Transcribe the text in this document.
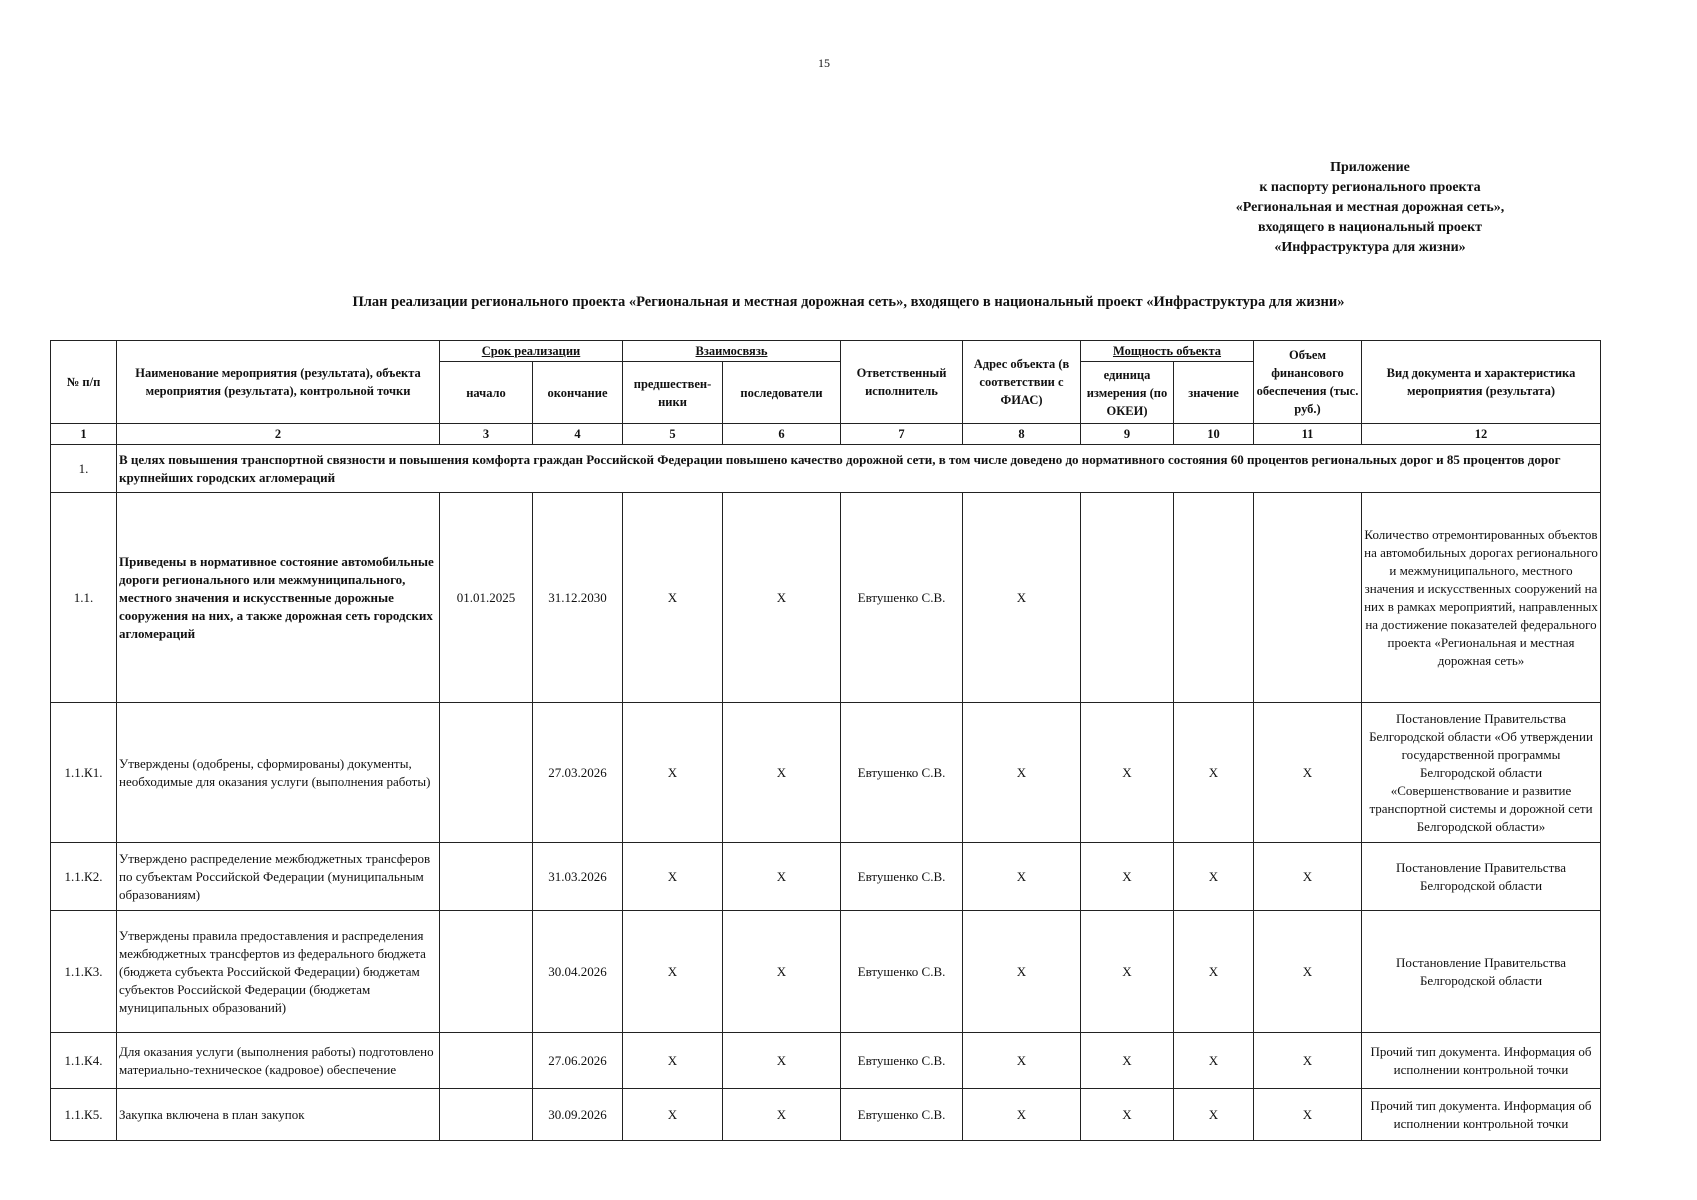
15
Приложение
к паспорту регионального проекта
«Региональная и местная дорожная сеть»,
входящего в национальный проект
«Инфраструктура для жизни»
План реализации регионального проекта «Региональная и местная дорожная сеть», входящего в национальный проект «Инфраструктура для жизни»
№ п/п	Наименование мероприятия (результата), объекта мероприятия (результата), контрольной точки	Срок реализации		Взаимосвязь		Ответственный исполнитель	Адрес объекта (в соответствии с ФИАС)	Мощность объекта		Объем финансового обеспечения (тыс. руб.)	Вид документа и характеристика мероприятия (результата)
		начало	окончание	предшествен-ники	последователи			единица измерения (по ОКЕИ)	значение		
1	2	3	4	5	6	7	8	9	10	11	12
1.	В целях повышения транспортной связности и повышения комфорта граждан Российской Федерации повышено качество дорожной сети, в том числе доведено до нормативного состояния 60 процентов региональных дорог и 85 процентов дорог крупнейших городских агломераций										
1.1.	Приведены в нормативное состояние автомобильные дороги регионального или межмуниципального, местного значения и искусственные дорожные сооружения на них, а также дорожная сеть городских агломераций	01.01.2025	31.12.2030	X	X	Евтушенко С.В.	X				Количество отремонтированных объектов на автомобильных дорогах регионального и межмуниципального, местного значения и искусственных сооружений на них в рамках мероприятий, направленных на достижение показателей федерального проекта «Региональная и местная дорожная сеть»
1.1.К1.	Утверждены (одобрены, сформированы) документы, необходимые для оказания услуги (выполнения работы)		27.03.2026	X	X	Евтушенко С.В.	X	X	X	X	Постановление Правительства Белгородской области «Об утверждении государственной программы Белгородской области «Совершенствование и развитие транспортной системы и дорожной сети Белгородской области»
1.1.К2.	Утверждено распределение межбюджетных трансферов по субъектам Российской Федерации (муниципальным образованиям)		31.03.2026	X	X	Евтушенко С.В.	X	X	X	X	Постановление Правительства Белгородской области
1.1.К3.	Утверждены правила предоставления и распределения межбюджетных трансфертов из федерального бюджета (бюджета субъекта Российской Федерации) бюджетам субъектов Российской Федерации (бюджетам муниципальных образований)		30.04.2026	X	X	Евтушенко С.В.	X	X	X	X	Постановление Правительства Белгородской области
1.1.К4.	Для оказания услуги (выполнения работы) подготовлено материально-техническое (кадровое) обеспечение		27.06.2026	X	X	Евтушенко С.В.	X	X	X	X	Прочий тип документа. Информация об исполнении контрольной точки
1.1.К5.	Закупка включена в план закупок		30.09.2026	X	X	Евтушенко С.В.	X	X	X	X	Прочий тип документа. Информация об исполнении контрольной точки
